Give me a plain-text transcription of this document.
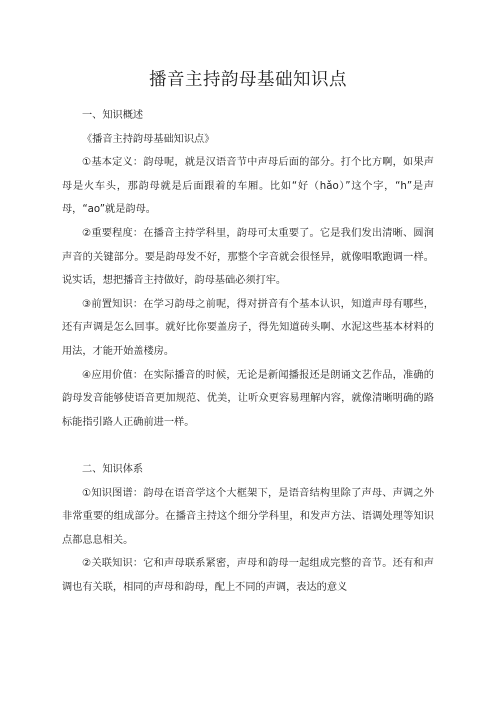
播音主持韵母基础知识点

一、知识概述

《播音主持韵母基础知识点》

①基本定义：韵母呢，就是汉语音节中声母后面的部分。打个比方啊，如果声母是火车头，那韵母就是后面跟着的车厢。比如“好（hǎo）”这个字，“h”是声母，“ao”就是韵母。

②重要程度：在播音主持学科里，韵母可太重要了。它是我们发出清晰、圆润声音的关键部分。要是韵母发不好，那整个字音就会很怪异，就像唱歌跑调一样。说实话，想把播音主持做好，韵母基础必须打牢。

③前置知识：在学习韵母之前呢，得对拼音有个基本认识，知道声母有哪些，还有声调是怎么回事。就好比你要盖房子，得先知道砖头啊、水泥这些基本材料的用法，才能开始盖楼房。

④应用价值：在实际播音的时候，无论是新闻播报还是朗诵文艺作品，准确的韵母发音能够使语音更加规范、优美，让听众更容易理解内容，就像清晰明确的路标能指引路人正确前进一样。

二、知识体系

①知识图谱：韵母在语音学这个大框架下，是语音结构里除了声母、声调之外非常重要的组成部分。在播音主持这个细分学科里，和发声方法、语调处理等知识点都息息相关。

②关联知识：它和声母联系紧密，声母和韵母一起组成完整的音节。还有和声调也有关联，相同的声母和韵母，配上不同的声调，表达的意义
